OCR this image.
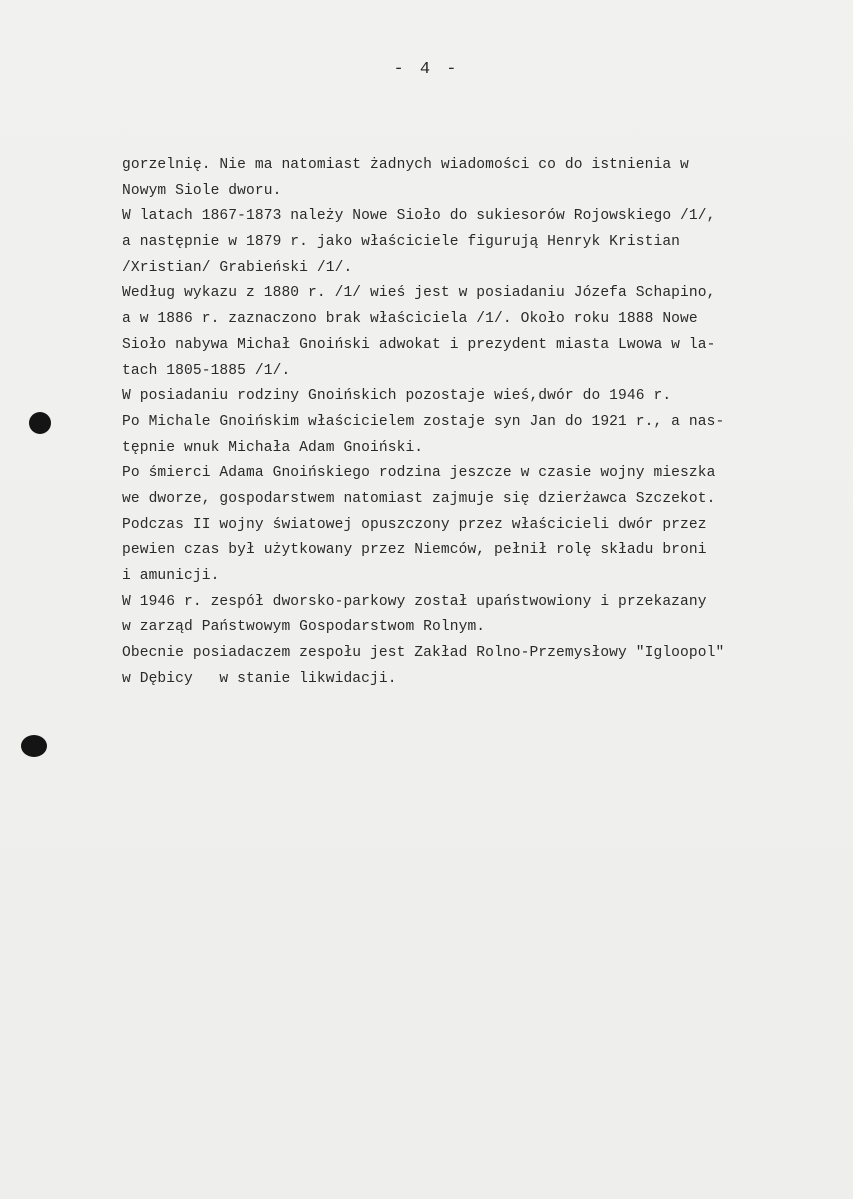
- 4 -
gorzelnię. Nie ma natomiast żadnych wiadomości co do istnienia w
Nowym Siole dworu.
W latach 1867-1873 należy Nowe Sioło do sukiesorów Rojowskiego /1/,
a następnie w 1879 r. jako właściciele figurują Henryk Kristian
/Xristian/ Grabieński /1/.
Według wykazu z 1880 r. /1/ wieś jest w posiadaniu Józefa Schapino,
a w 1886 r. zaznaczono brak właściciela /1/. Około roku 1888 Nowe
Sioło nabywa Michał Gnoiński adwokat i prezydent miasta Lwowa w la-
tach 1805-1885 /1/.
W posiadaniu rodziny Gnoińskich pozostaje wieś,dwór do 1946 r.
Po Michale Gnoińskim właścicielem zostaje syn Jan do 1921 r., a nas-
tępnie wnuk Michała Adam Gnoiński.
Po śmierci Adama Gnoińskiego rodzina jeszcze w czasie wojny mieszka
we dworze, gospodarstwem natomiast zajmuje się dzierżawca Szczekot.
Podczas II wojny światowej opuszczony przez właścicieli dwór przez
pewien czas był użytkowany przez Niemców, pełnił rolę składu broni
i amunicji.
W 1946 r. zespół dworsko-parkowy został upaństwowiony i przekazany
w zarząd Państwowym Gospodarstwom Rolnym.
Obecnie posiadaczem zespołu jest Zakład Rolno-Przemysłowy "Igloopol"
w Dębicy   w stanie likwidacji.
